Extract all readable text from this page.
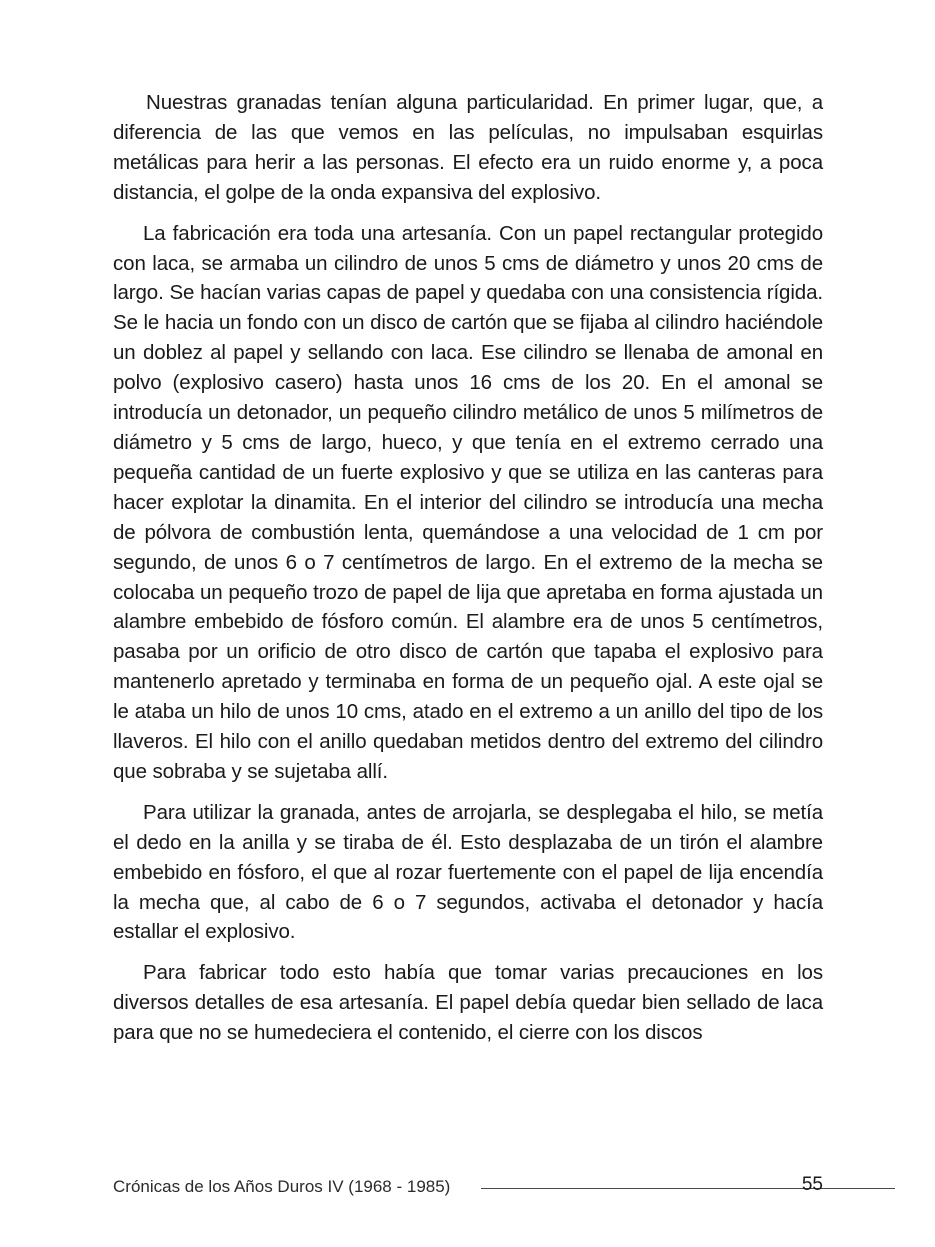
Nuestras granadas tenían alguna particularidad. En primer lugar, que, a diferencia de las que vemos en las películas, no impulsaban esquirlas metálicas para herir a las personas. El efecto era un ruido enorme y, a poca distancia, el golpe de la onda expansiva del explosivo.

La fabricación era toda una artesanía. Con un papel rectangular protegido con laca, se armaba un cilindro de unos 5 cms de diámetro y unos 20 cms de largo. Se hacían varias capas de papel y quedaba con una consistencia rígida. Se le hacia un fondo con un disco de cartón que se fijaba al cilindro haciéndole un doblez al papel y sellando con laca. Ese cilindro se llenaba de amonal en polvo (explosivo casero) hasta unos 16 cms de los 20. En el amonal se introducía un detonador, un pequeño cilindro metálico de unos 5 milímetros de diámetro y 5 cms de largo, hueco, y que tenía en el extremo cerrado una pequeña cantidad de un fuerte explosivo y que se utiliza en las canteras para hacer explotar la dinamita. En el interior del cilindro se introducía una mecha de pólvora de combustión lenta, quemándose a una velocidad de 1 cm por segundo, de unos 6 o 7 centímetros de largo. En el extremo de la mecha se colocaba un pequeño trozo de papel de lija que apretaba en forma ajustada un alambre embebido de fósforo común. El alambre era de unos 5 centímetros, pasaba por un orificio de otro disco de cartón que tapaba el explosivo para mantenerlo apretado y terminaba en forma de un pequeño ojal. A este ojal se le ataba un hilo de unos 10 cms, atado en el extremo a un anillo del tipo de los llaveros. El hilo con el anillo quedaban metidos dentro del extremo del cilindro que sobraba y se sujetaba allí.

Para utilizar la granada, antes de arrojarla, se desplegaba el hilo, se metía el dedo en la anilla y se tiraba de él. Esto desplazaba de un tirón el alambre embebido en fósforo, el que al rozar fuertemente con el papel de lija encendía la mecha que, al cabo de 6 o 7 segundos, activaba el detonador y hacía estallar el explosivo.

Para fabricar todo esto había que tomar varias precauciones en los diversos detalles de esa artesanía. El papel debía quedar bien sellado de laca para que no se humedeciera el contenido, el cierre con los discos

Crónicas de los Años Duros IV (1968 - 1985)	55
